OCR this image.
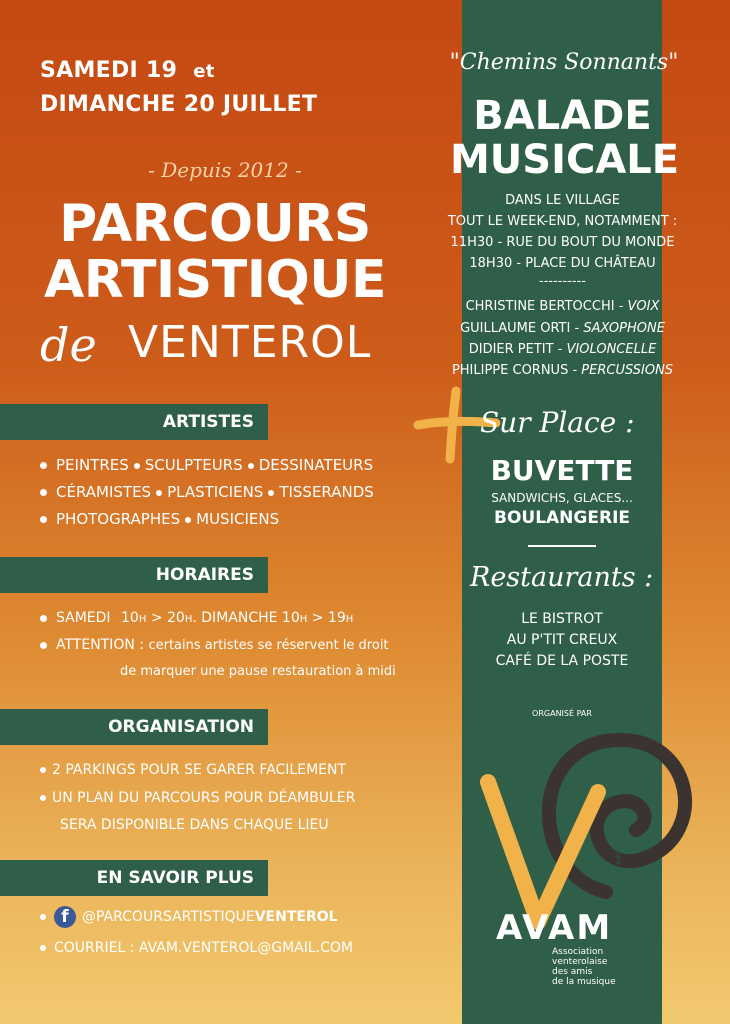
SAMEDI 19 et
DIMANCHE 20 JUILLET
- Depuis 2012 -
PARCOURS
ARTISTIQUE
de VENTEROL
ARTISTES
PEINTRES SCULPTEURS DESSINATEURS
CÉRAMISTES PLASTICIENS TISSERANDS
PHOTOGRAPHES MUSICIENS
HORAIRES
SAMEDI 10H > 20H. DIMANCHE 10H > 19H
ATTENTION : certains artistes se réservent le droit
de marquer une pause restauration à midi
ORGANISATION
2 PARKINGS POUR SE GARER FACILEMENT
UN PLAN DU PARCOURS POUR DÉAMBULER
SERA DISPONIBLE DANS CHAQUE LIEU
EN SAVOIR PLUS
f @PARCOURSARTISTIQUEVENTEROL
COURRIEL : AVAM.VENTEROL@GMAIL.COM
"Chemins Sonnants"
BALADE
MUSICALE
DANS LE VILLAGE
TOUT LE WEEK-END, NOTAMMENT :
11H30 - RUE DU BOUT DU MONDE
18H30 - PLACE DU CHÂTEAU
----------
CHRISTINE BERTOCCHI - VOIX
GUILLAUME ORTI - SAXOPHONE
DIDIER PETIT - VIOLONCELLE
PHILIPPE CORNUS - PERCUSSIONS
Sur Place :
BUVETTE
SANDWICHS, GLACES...
BOULANGERIE
Restaurants :
LE BISTROT
AU P'TIT CREUX
CAFÉ DE LA POSTE
ORGANISÉ PAR
AVAM
Association
venterolaise
des amis
de la musique
Ne pas jeter sur la voie publique
